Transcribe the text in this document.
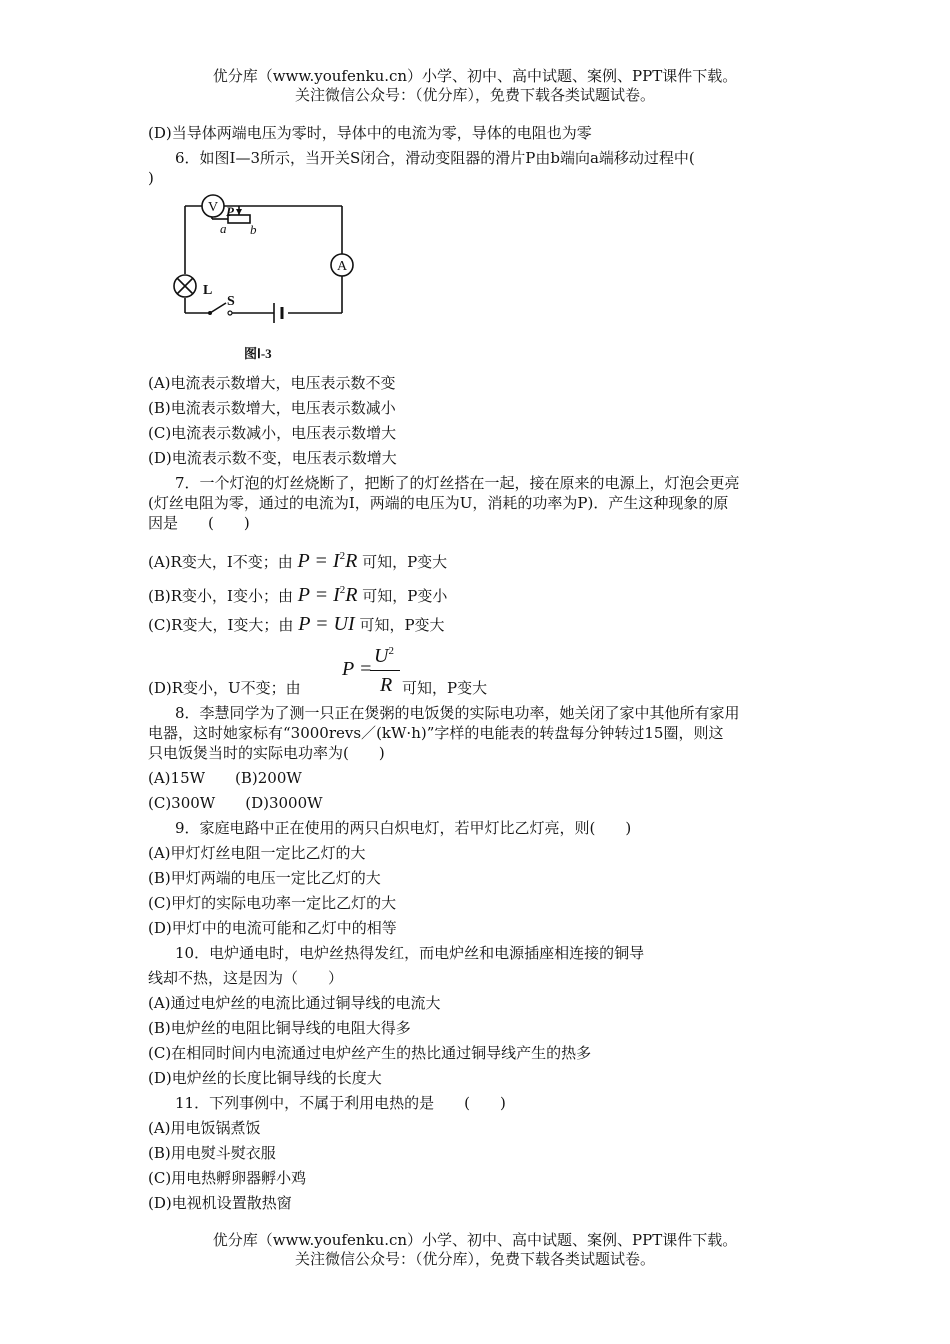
优分库（www.youfenku.cn）小学、初中、高中试题、案例、PPT课件下载。
关注微信公众号：（优分库），免费下载各类试题试卷。
(D)当导体两端电压为零时，导体中的电流为零，导体的电阻也为零
6．如图Ⅰ—3所示，当开关S闭合，滑动变阻器的滑片P由b端向a端移动过程中(
)
V
A
P
a b
L
S
图Ⅰ-3
(A)电流表示数增大，电压表示数不变
(B)电流表示数增大，电压表示数减小
(C)电流表示数减小，电压表示数增大
(D)电流表示数不变，电压表示数增大
7．一个灯泡的灯丝烧断了，把断了的灯丝搭在一起，接在原来的电源上，灯泡会更亮
(灯丝电阻为零，通过的电流为I，两端的电压为U，消耗的功率为P)．产生这种现象的原
因是　　(　　)
(A)R变大，I不变；由 $P = I^2R$ 可知，P变大
(B)R变小，I变小；由 $P = I^2R$ 可知，P变小
(C)R变大，I变大；由 P = UI 可知，P变大
(D)R变小，U不变；由
P =
$U^2$
R 可知，P变大
8．李慧同学为了测一只正在煲粥的电饭煲的实际电功率，她关闭了家中其他所有家用
电器，这时她家标有“3000revs／(kW·h)”字样的电能表的转盘每分钟转过15圈，则这
只电饭煲当时的实际电功率为(　　)
(A)15W　　(B)200W
(C)300W　　(D)3000W
9．家庭电路中正在使用的两只白炽电灯，若甲灯比乙灯亮，则(　　)
(A)甲灯灯丝电阻一定比乙灯的大
(B)甲灯两端的电压一定比乙灯的大
(C)甲灯的实际电功率一定比乙灯的大
(D)甲灯中的电流可能和乙灯中的相等
10．电炉通电时，电炉丝热得发红，而电炉丝和电源插座相连接的铜导
线却不热，这是因为（　　）
(A)通过电炉丝的电流比通过铜导线的电流大
(B)电炉丝的电阻比铜导线的电阻大得多
(C)在相同时间内电流通过电炉丝产生的热比通过铜导线产生的热多
(D)电炉丝的长度比铜导线的长度大
11．下列事例中，不属于利用电热的是　　(　　)
(A)用电饭锅煮饭
(B)用电熨斗熨衣服
(C)用电热孵卵器孵小鸡
(D)电视机设置散热窗
优分库（www.youfenku.cn）小学、初中、高中试题、案例、PPT课件下载。
关注微信公众号：（优分库），免费下载各类试题试卷。
